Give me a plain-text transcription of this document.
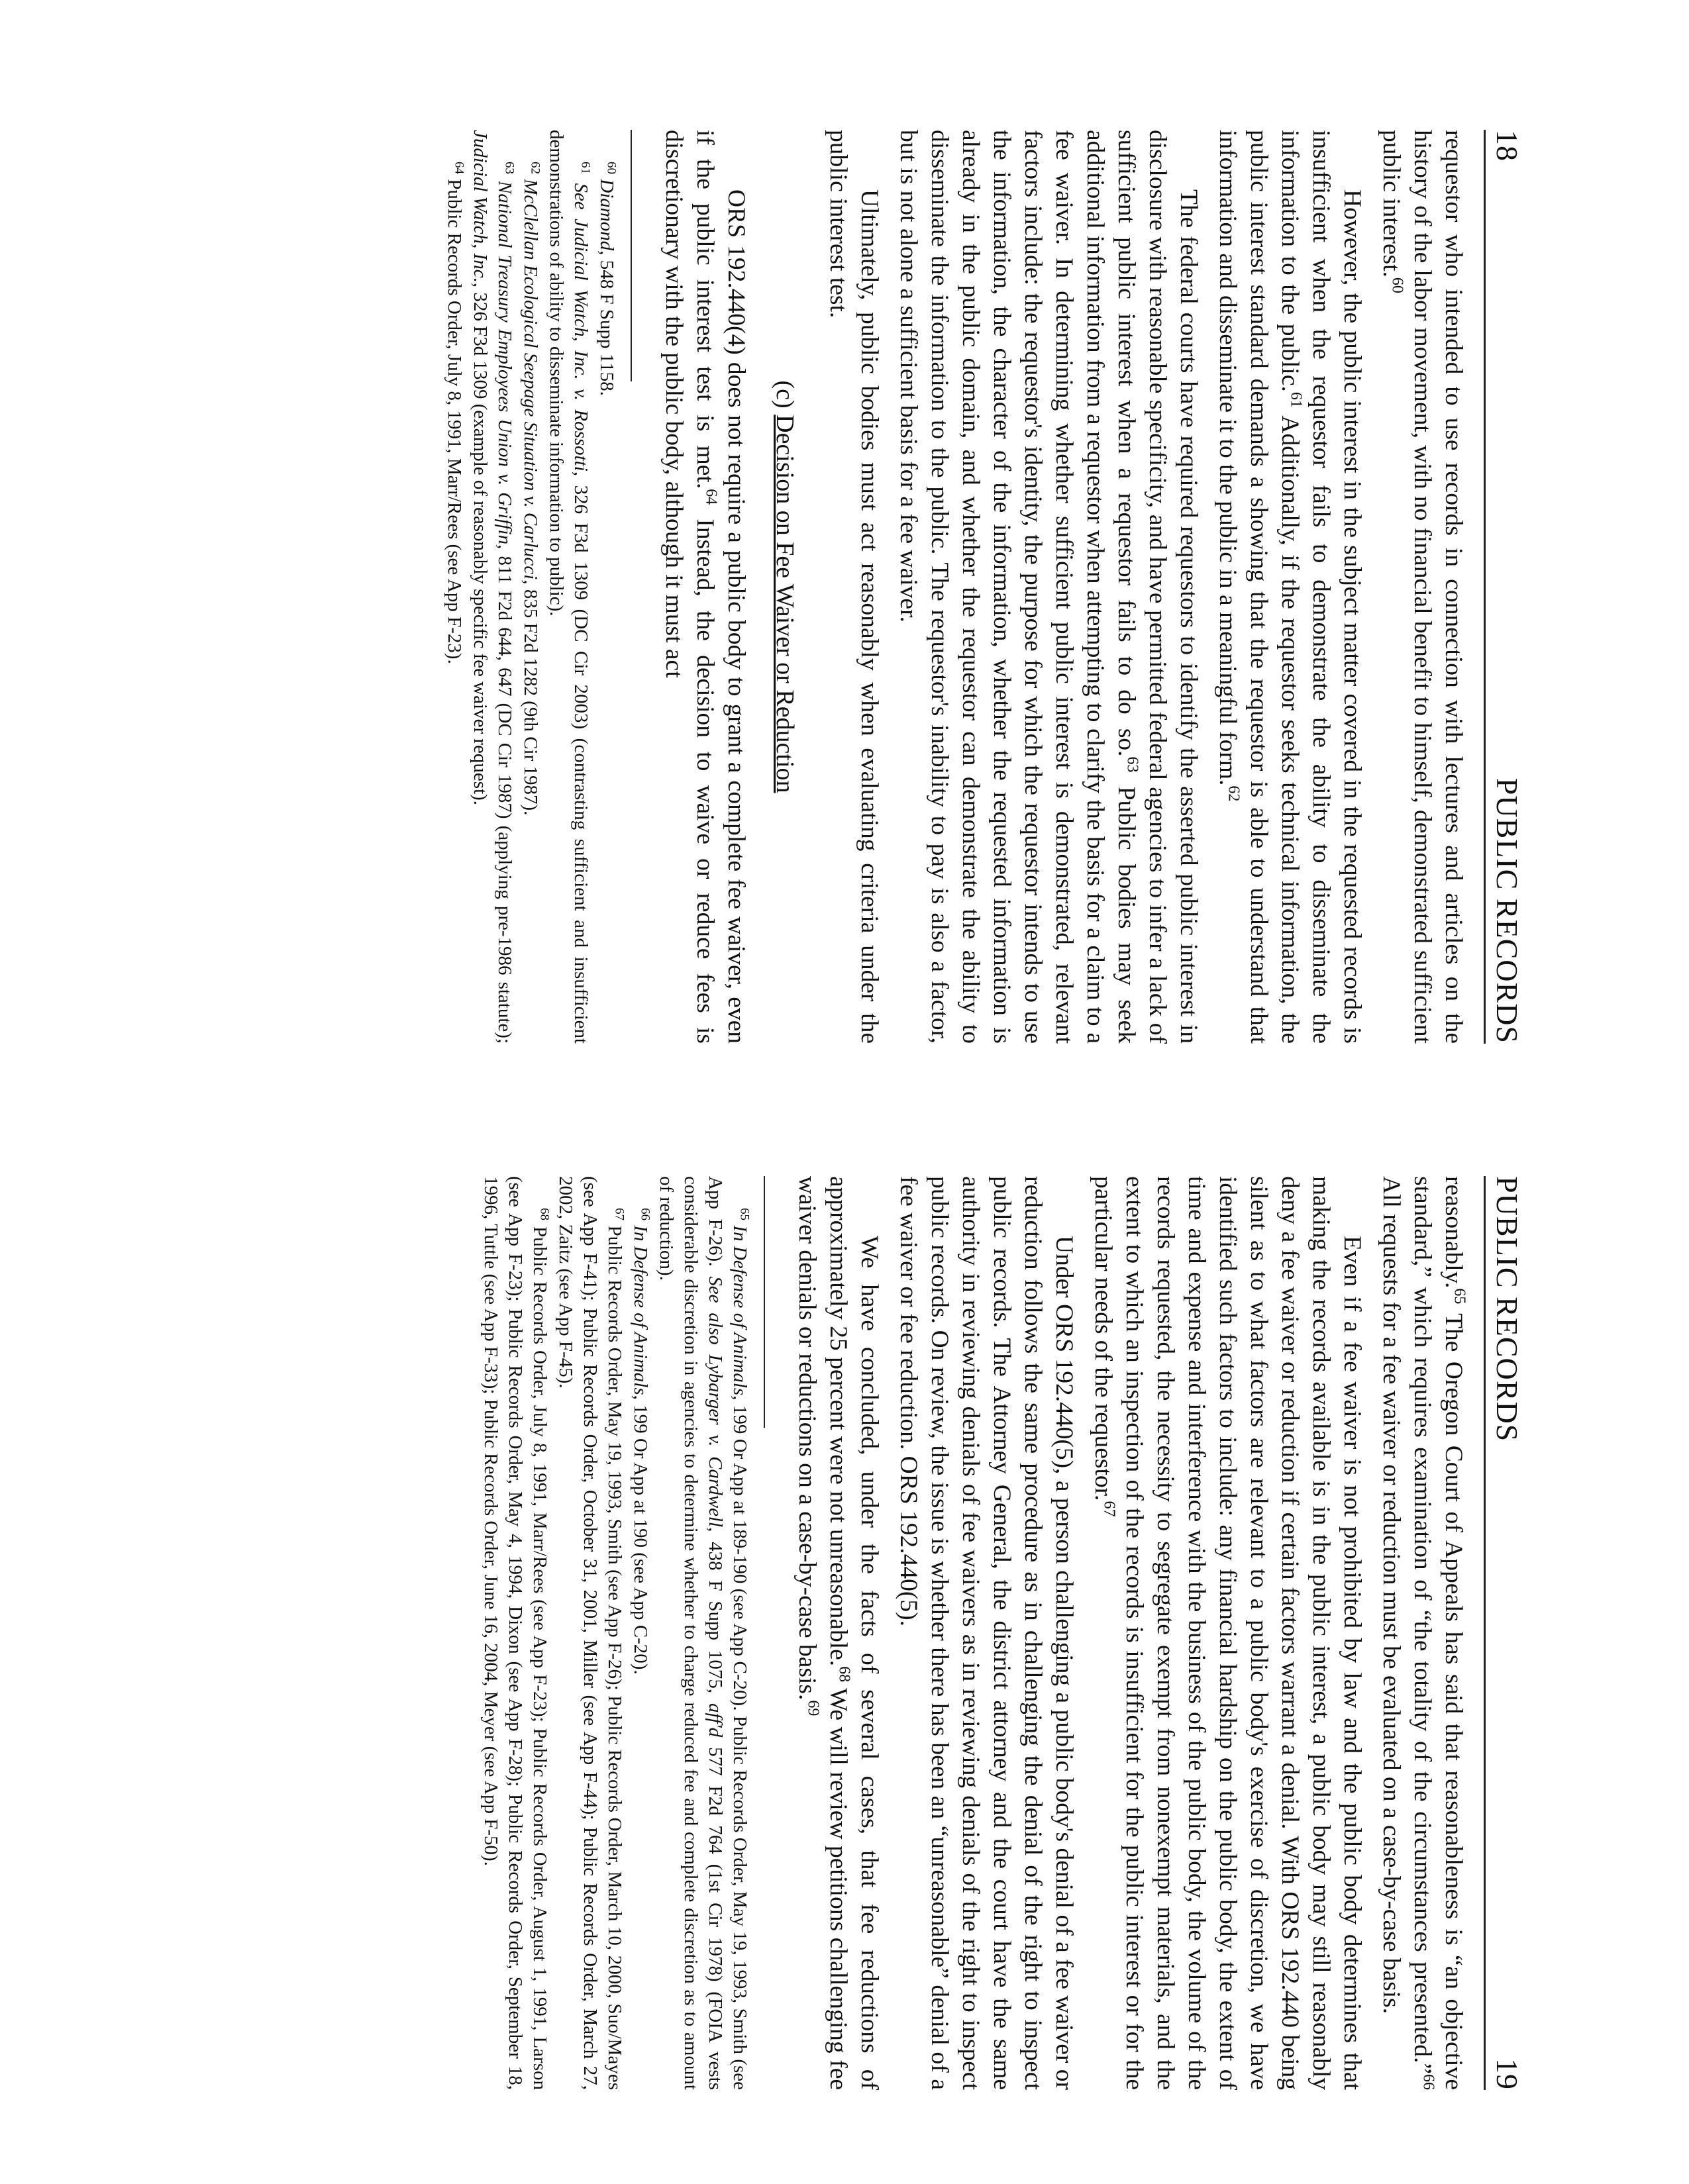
18
PUBLIC RECORDS

requestor who intended to use records in connection with lectures and articles on the history of the labor movement, with no financial benefit to himself, demonstrated sufficient public interest.$^{60}$

However, the public interest in the subject matter covered in the requested records is insufficient when the requestor fails to demonstrate the ability to disseminate the information to the public.$^{61}$ Additionally, if the requestor seeks technical information, the public interest standard demands a showing that the requestor is able to understand that information and disseminate it to the public in a meaningful form.$^{62}$

The federal courts have required requestors to identify the asserted public interest in disclosure with reasonable specificity, and have permitted federal agencies to infer a lack of sufficient public interest when a requestor fails to do so.$^{63}$ Public bodies may seek additional information from a requestor when attempting to clarify the basis for a claim to a fee waiver. In determining whether sufficient public interest is demonstrated, relevant factors include: the requestor's identity, the purpose for which the requestor intends to use the information, the character of the information, whether the requested information is already in the public domain, and whether the requestor can demonstrate the ability to disseminate the information to the public. The requestor's inability to pay is also a factor, but is not alone a sufficient basis for a fee waiver.

Ultimately, public bodies must act reasonably when evaluating criteria under the public interest test.

(c) Decision on Fee Waiver or Reduction

ORS 192.440(4) does not require a public body to grant a complete fee waiver, even if the public interest test is met.$^{64}$ Instead, the decision to waive or reduce fees is discretionary with the public body, although it must act

$^{60}$ Diamond, 548 F Supp 1158.

$^{61}$ See Judicial Watch, Inc. v. Rossotti, 326 F3d 1309 (DC Cir 2003) (contrasting sufficient and insufficient demonstrations of ability to disseminate information to public).

$^{62}$ McClellan Ecological Seepage Situation v. Carlucci, 835 F2d 1282 (9th Cir 1987).

$^{63}$ National Treasury Employees Union v. Griffin, 811 F2d 644, 647 (DC Cir 1987) (applying pre-1986 statute); Judicial Watch, Inc., 326 F3d 1309 (example of reasonably specific fee waiver request).

$^{64}$ Public Records Order, July 8, 1991, Marr/Rees (see App F-23).

PUBLIC RECORDS
19

reasonably.$^{65}$ The Oregon Court of Appeals has said that reasonableness is “an objective standard,” which requires examination of “the totality of the circumstances presented.”$^{66}$ All requests for a fee waiver or reduction must be evaluated on a case-by-case basis.

Even if a fee waiver is not prohibited by law and the public body determines that making the records available is in the public interest, a public body may still reasonably deny a fee waiver or reduction if certain factors warrant a denial. With ORS 192.440 being silent as to what factors are relevant to a public body's exercise of discretion, we have identified such factors to include: any financial hardship on the public body, the extent of time and expense and interference with the business of the public body, the volume of the records requested, the necessity to segregate exempt from nonexempt materials, and the extent to which an inspection of the records is insufficient for the public interest or for the particular needs of the requestor.$^{67}$

Under ORS 192.440(5), a person challenging a public body's denial of a fee waiver or reduction follows the same procedure as in challenging the denial of the right to inspect public records. The Attorney General, the district attorney and the court have the same authority in reviewing denials of fee waivers as in reviewing denials of the right to inspect public records. On review, the issue is whether there has been an “unreasonable” denial of a fee waiver or fee reduction. ORS 192.440(5).

We have concluded, under the facts of several cases, that fee reductions of approximately 25 percent were not unreasonable.$^{68}$ We will review petitions challenging fee waiver denials or reductions on a case-by-case basis.$^{69}$

$^{65}$ In Defense of Animals, 199 Or App at 189-190 (see App C-20). Public Records Order, May 19, 1993, Smith (see App F-26). See also Lybarger v. Cardwell, 438 F Supp 1075, aff'd 577 F2d 764 (1st Cir 1978) (FOIA vests considerable discretion in agencies to determine whether to charge reduced fee and complete discretion as to amount of reduction).

$^{66}$ In Defense of Animals, 199 Or App at 190 (see App C-20).

$^{67}$ Public Records Order, May 19, 1993, Smith (see App F-26); Public Records Order, March 10, 2000, Suo/Mayes (see App F-41); Public Records Order, October 31, 2001, Miller (see App F-44); Public Records Order, March 27, 2002, Zaitz (see App F-45).

$^{68}$ Public Records Order, July 8, 1991, Marr/Rees (see App F-23); Public Records Order, August 1, 1991, Larson (see App F-23); Public Records Order, May 4, 1994, Dixon (see App F-28); Public Records Order, September 18, 1996, Tuttle (see App F-33); Public Records Order, June 16, 2004, Meyer (see App F-50).
